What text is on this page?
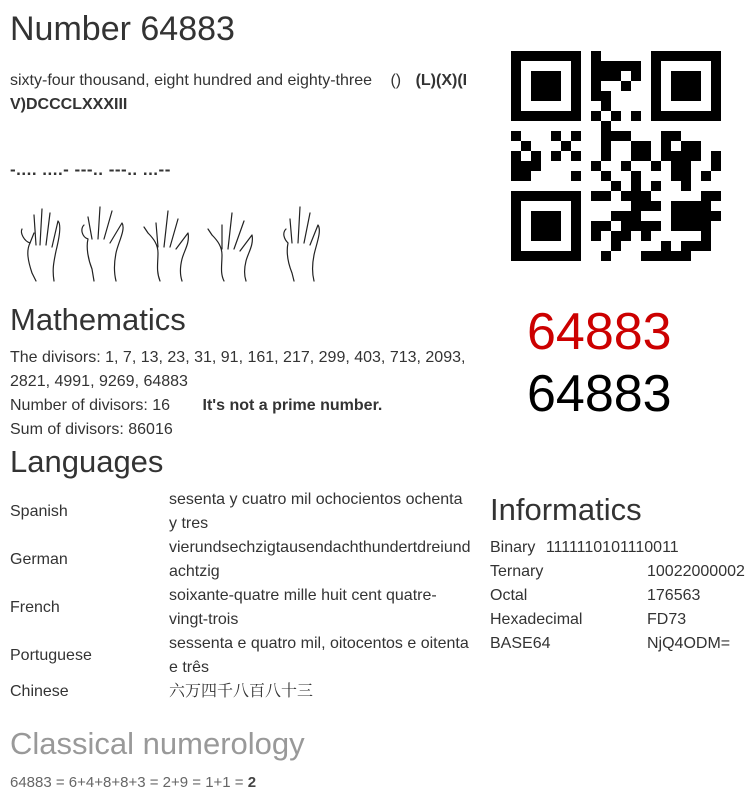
Number 64883
sixty-four thousand, eight hundred and eighty-three () (L)(X)(I
V)DCCCLXXXIII
-.... ....- ---.. ---.. ...--
64883
64883
Mathematics
The divisors: 1, 7, 13, 23, 31, 91, 161, 217, 299, 403, 713, 2093,
2821, 4991, 9269, 64883
Number of divisors: 16 It's not a prime number.
Sum of divisors: 86016
Languages
Spanish	sesenta y cuatro mil ochocientos ochenta
y tres

German	vierundsechzigtausendachthundertdreiund
achtzig

French	soixante-quatre mille huit cent quatre-
vingt-trois

Portuguese	sessenta e quatro mil, oitocentos e oitenta
e três

Chinese	六万四千八百八十三
Informatics
Binary 1111110101110011
Ternary	10022000002
Octal	176563
Hexadecimal	FD73
BASE64	NjQ4ODM=
Classical numerology
64883 = 6+4+8+8+3 = 2+9 = 1+1 = 2
